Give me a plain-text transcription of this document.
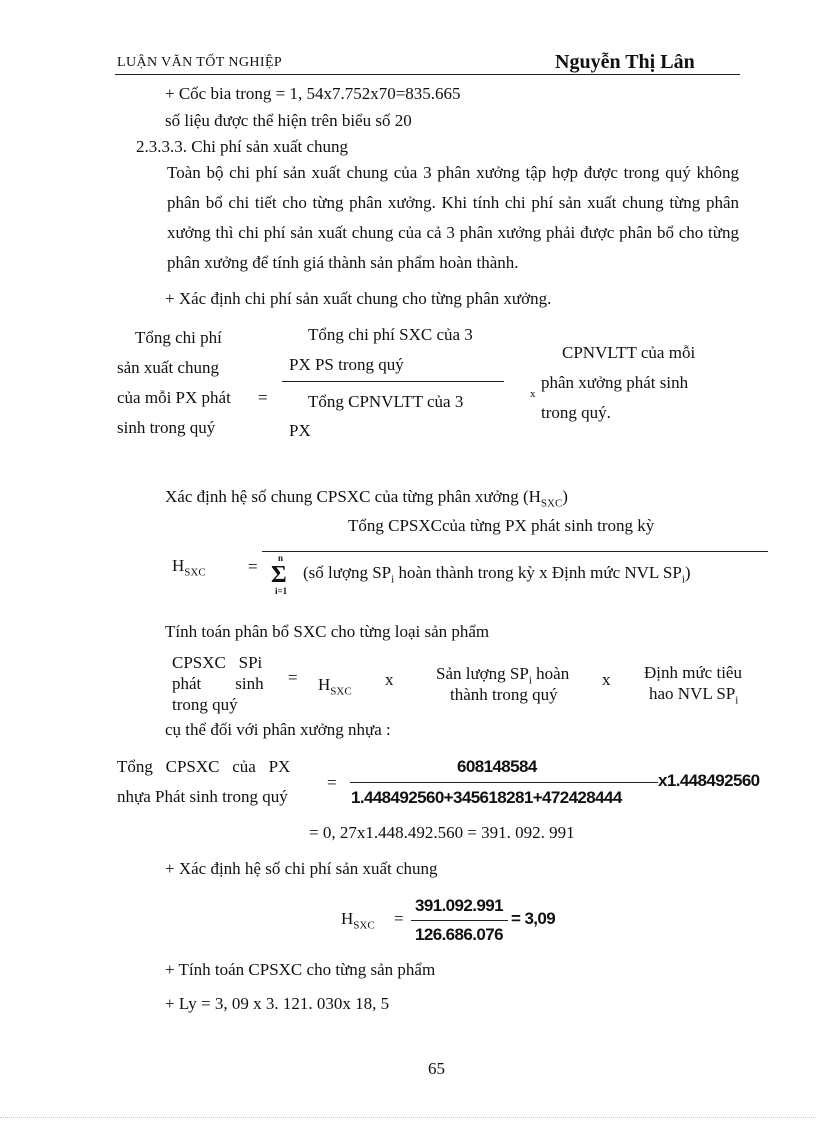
LUẬN VĂN TỐT NGHIỆP	Nguyễn Thị Lân
+ Cốc bia trong = 1, 54x7.752x70=835.665
số liệu được thể hiện trên biểu số 20
2.3.3.3. Chi phí sản xuất chung
Toàn bộ chi phí sản xuất chung của 3 phân xưởng tập hợp được trong quý không phân bổ chi tiết cho từng phân xưởng. Khi tính chi phí sản xuất chung từng phân xưởng thì chi phí sản xuất chung của cả 3 phân xưởng phải được phân bổ cho từng phân xưởng để tính giá thành sản phẩm hoàn thành.
+ Xác định chi phí sản xuất chung cho từng phân xưởng.
Tổng chi phí
sản xuất chung
của mỗi PX phát
sinh trong quý
=
Tổng chi phí SXC của 3
PX PS trong quý
Tổng CPNVLTT của 3
PX
x
CPNVLTT của mỗi
phân xưởng phát sinh
trong quý.
Xác định hệ số chung CPSXC của từng phân xưởng $(H_{SXC})$
Tổng CPSXCcủa từng PX phát sinh trong kỳ
$H_{SXC} = n$
Σ
i=1
(số lượng $SP_i$ hoàn thành trong kỳ x Định mức NVL $SP_i$)
Tính toán phân bổ SXC cho từng loại sản phẩm
CPSXC   SPi
phát        sinh
trong quý
= $H_{SXC}$
x	Sản lượng $SP_i$ hoàn
thành trong quý
x Định mức tiêu
hao NVL $SP_i$
cụ thể đối với phân xưởng nhựa :
Tổng   CPSXC   của   PX
nhựa Phát sinh trong quý
=
608148584
1.448492560+345618281+472428444
x1.448492560
= 0, 27x1.448.492.560 = 391. 092. 991
+ Xác định hệ số chi phí sản xuất chung
$H_{SXC}$ =
391.092.991
126.686.076
= 3,09
+ Tính toán CPSXC cho từng sản phẩm
+ Ly = 3, 09 x 3. 121. 030x 18, 5
65
